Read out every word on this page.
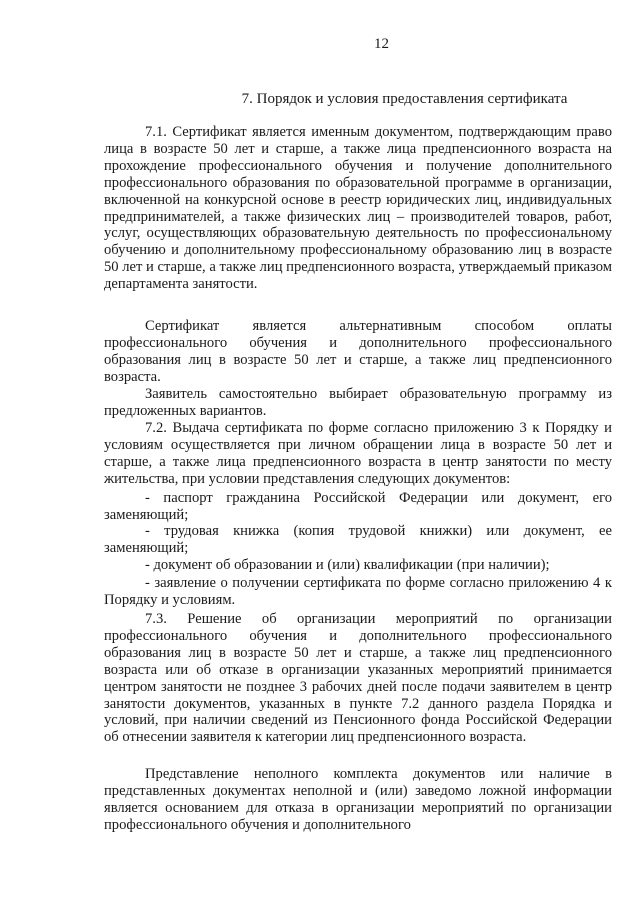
12
7. Порядок и условия предоставления сертификата

7.1. Сертификат является именным документом, подтверждающим право лица в возрасте 50 лет и старше, а также лица предпенсионного возраста на прохождение профессионального обучения и получение дополнительного профессионального образования по образовательной программе в организации, включенной на конкурсной основе в реестр юридических лиц, индивидуальных предпринимателей, а также физических лиц – производителей товаров, работ, услуг, осуществляющих образовательную деятельность по профессиональному обучению и дополнительному профессиональному образованию лиц в возрасте 50 лет и старше, а также лиц предпенсионного возраста, утверждаемый приказом департамента занятости.

Сертификат является альтернативным способом оплаты профессионального обучения и дополнительного профессионального образования лиц в возрасте 50 лет и старше, а также лиц предпенсионного возраста.

Заявитель самостоятельно выбирает образовательную программу из предложенных вариантов.

7.2. Выдача сертификата по форме согласно приложению 3 к Порядку и условиям осуществляется при личном обращении лица в возрасте 50 лет и старше, а также лица предпенсионного возраста в центр занятости по месту жительства, при условии представления следующих документов:

- паспорт гражданина Российской Федерации или документ, его заменяющий;

- трудовая книжка (копия трудовой книжки) или документ, ее заменяющий;

- документ об образовании и (или) квалификации (при наличии);

- заявление о получении сертификата по форме согласно приложению 4 к Порядку и условиям.

7.3. Решение об организации мероприятий по организации профессионального обучения и дополнительного профессионального образования лиц в возрасте 50 лет и старше, а также лиц предпенсионного возраста или об отказе в организации указанных мероприятий принимается центром занятости не позднее 3 рабочих дней после подачи заявителем в центр занятости документов, указанных в пункте 7.2 данного раздела Порядка и условий, при наличии сведений из Пенсионного фонда Российской Федерации об отнесении заявителя к категории лиц предпенсионного возраста.

Представление неполного комплекта документов или наличие в представленных документах неполной и (или) заведомо ложной информации является основанием для отказа в организации мероприятий по организации профессионального обучения и дополнительного
